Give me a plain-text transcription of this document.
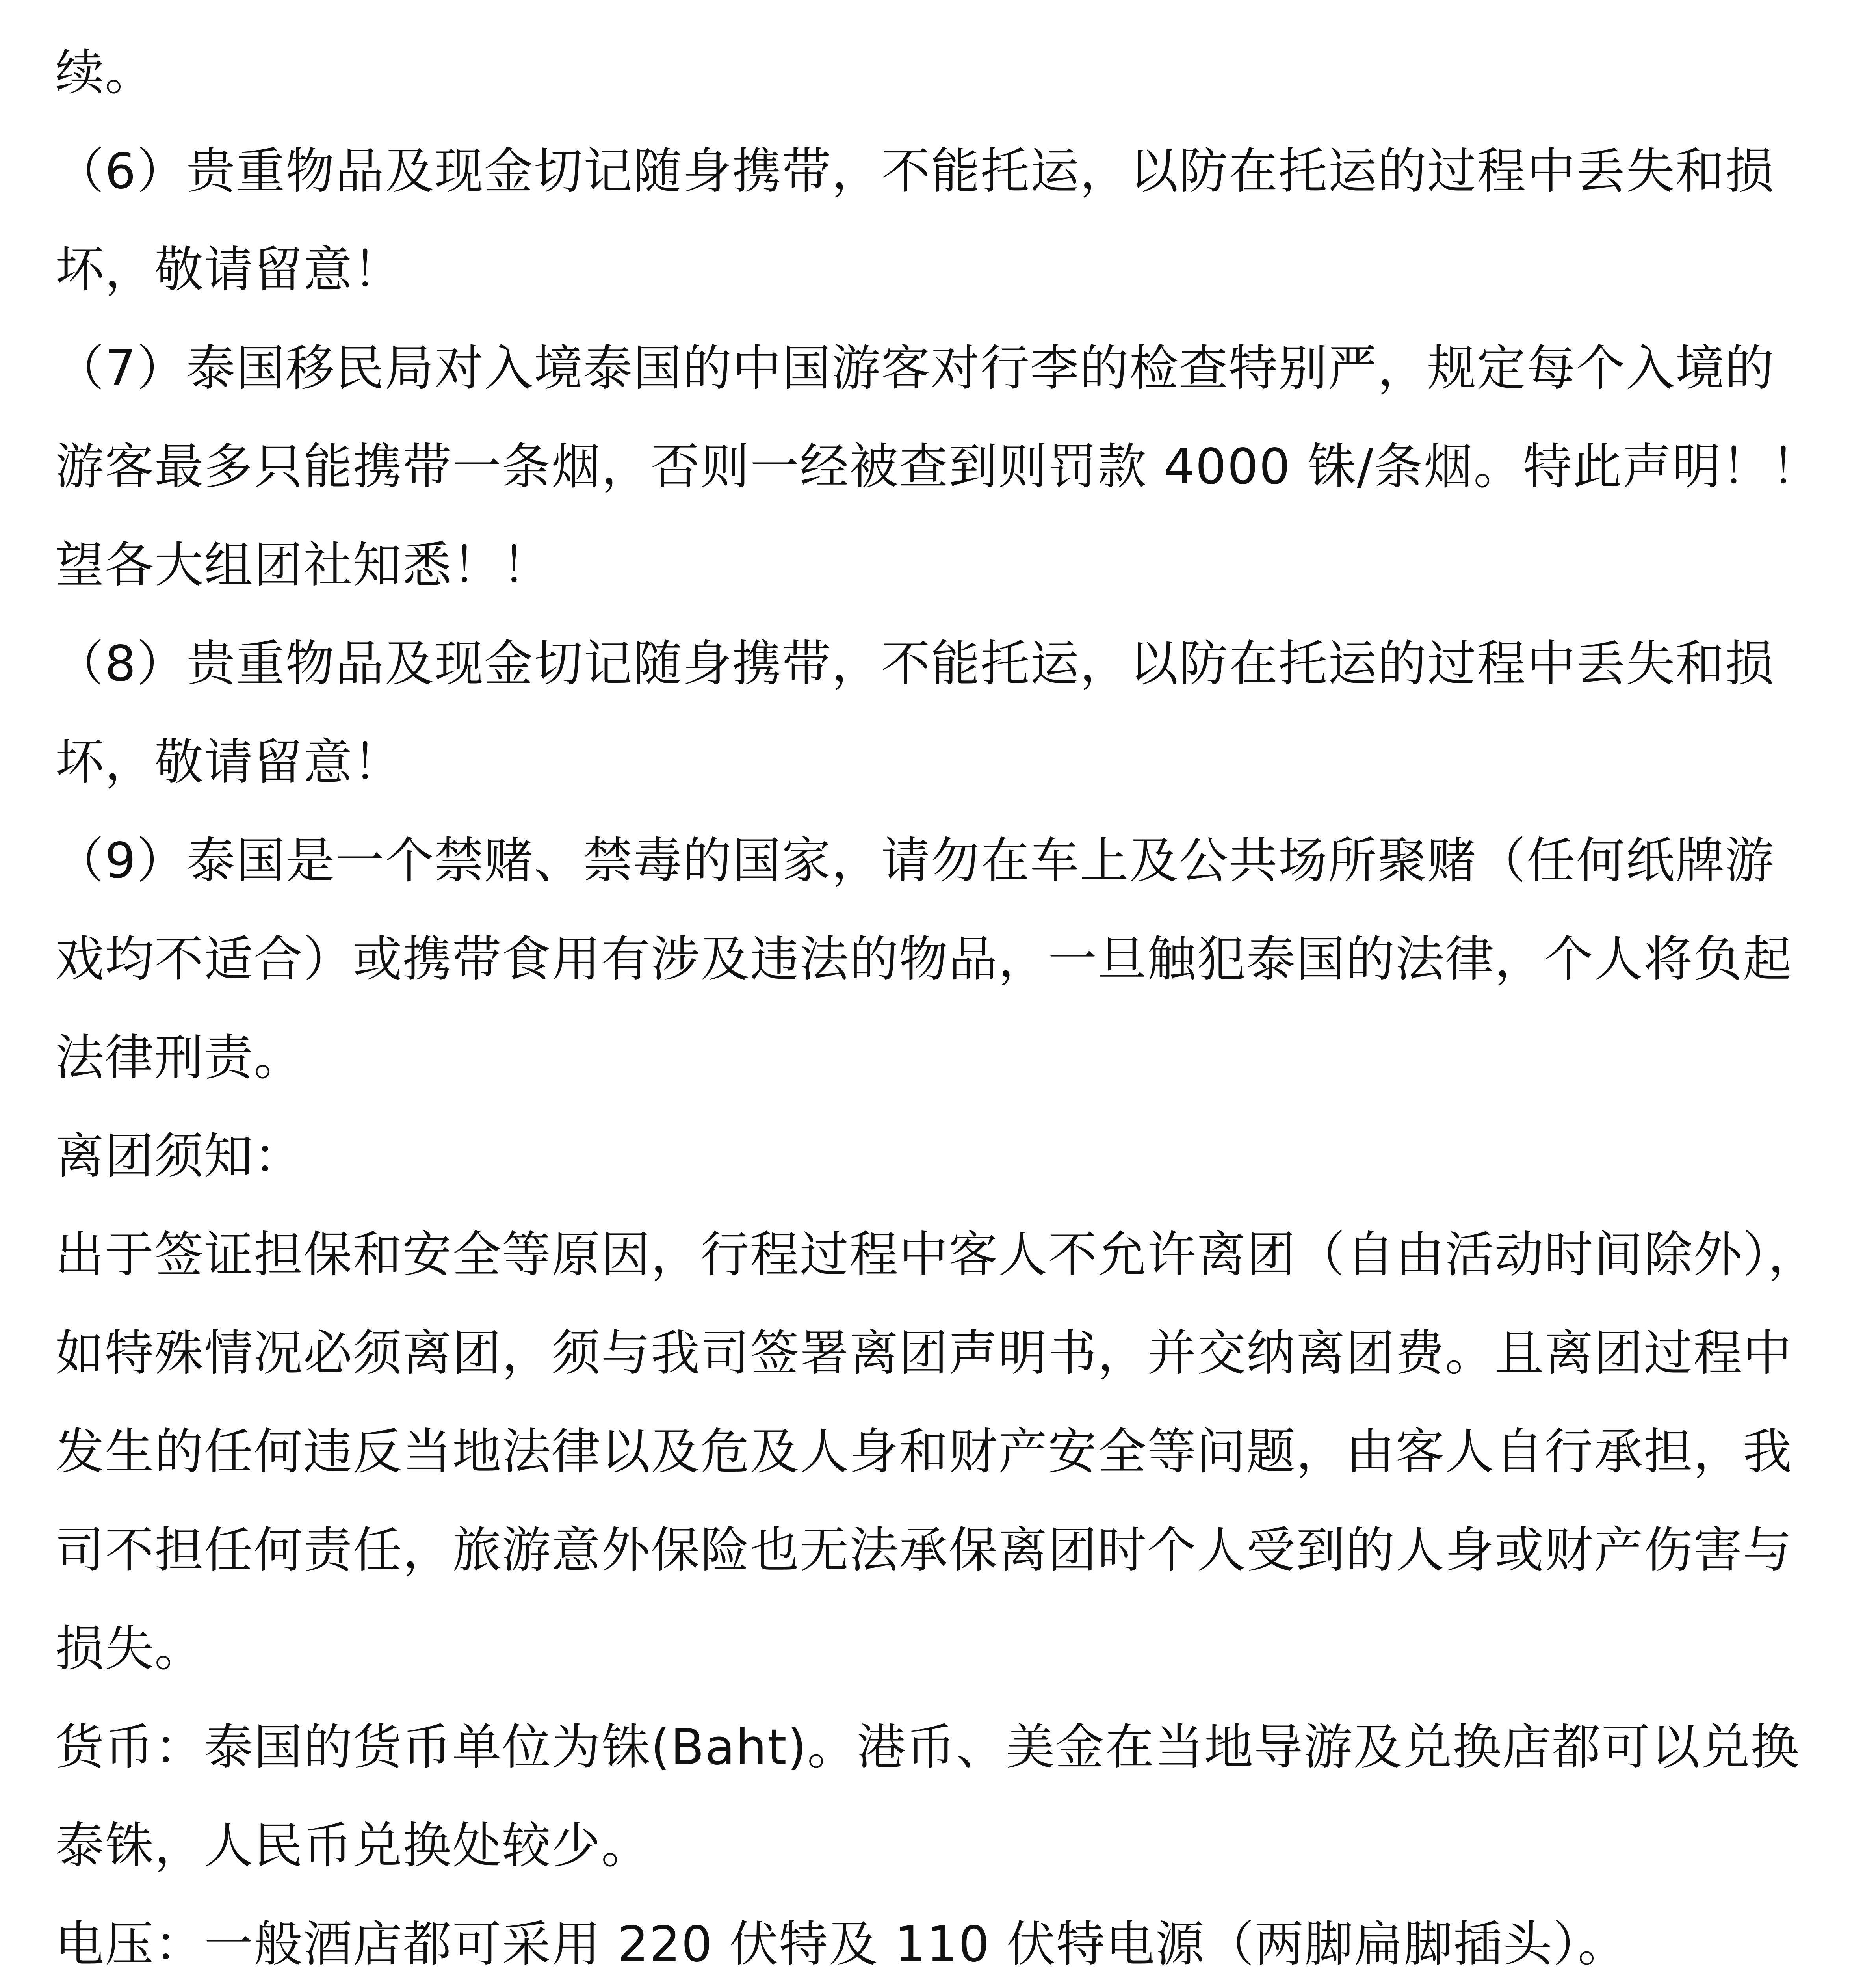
续。
（6）贵重物品及现金切记随身携带，不能托运，以防在托运的过程中丢失和损
坏，敬请留意！
（7）泰国移民局对入境泰国的中国游客对行李的检查特别严，规定每个入境的
游客最多只能携带一条烟，否则一经被查到则罚款 4000 铢/条烟。特此声明！！
望各大组团社知悉！！
（8）贵重物品及现金切记随身携带，不能托运，以防在托运的过程中丢失和损
坏，敬请留意！
（9）泰国是一个禁赌、禁毒的国家，请勿在车上及公共场所聚赌（任何纸牌游
戏均不适合）或携带食用有涉及违法的物品，一旦触犯泰国的法律，个人将负起
法律刑责。
离团须知：
出于签证担保和安全等原因，行程过程中客人不允许离团（自由活动时间除外），
如特殊情况必须离团，须与我司签署离团声明书，并交纳离团费。且离团过程中
发生的任何违反当地法律以及危及人身和财产安全等问题，由客人自行承担，我
司不担任何责任，旅游意外保险也无法承保离团时个人受到的人身或财产伤害与
损失。
货币：泰国的货币单位为铢(Baht)。港币、美金在当地导游及兑换店都可以兑换
泰铢，人民币兑换处较少。
电压：一般酒店都可采用 220 伏特及 110 伏特电源（两脚扁脚插头）。
